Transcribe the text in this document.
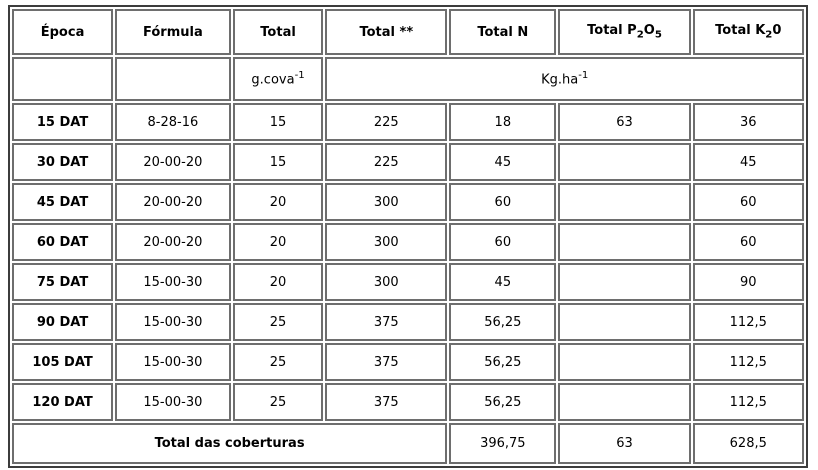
Época	Fórmula	Total	Total **	Total N	Total $P_2O_5$	Total $K_20$
		g.cova$^{-1}$	$Kg.ha^{-1}$
15 DAT	8-28-16	15	225	18	63	36
30 DAT	20-00-20	15	225	45		45
45 DAT	20-00-20	20	300	60		60
60 DAT	20-00-20	20	300	60		60
75 DAT	15-00-30	20	300	45		90
90 DAT	15-00-30	25	375	56,25		112,5
105 DAT	15-00-30	25	375	56,25		112,5
120 DAT	15-00-30	25	375	56,25		112,5
Total das coberturas				396,75	63	628,5
